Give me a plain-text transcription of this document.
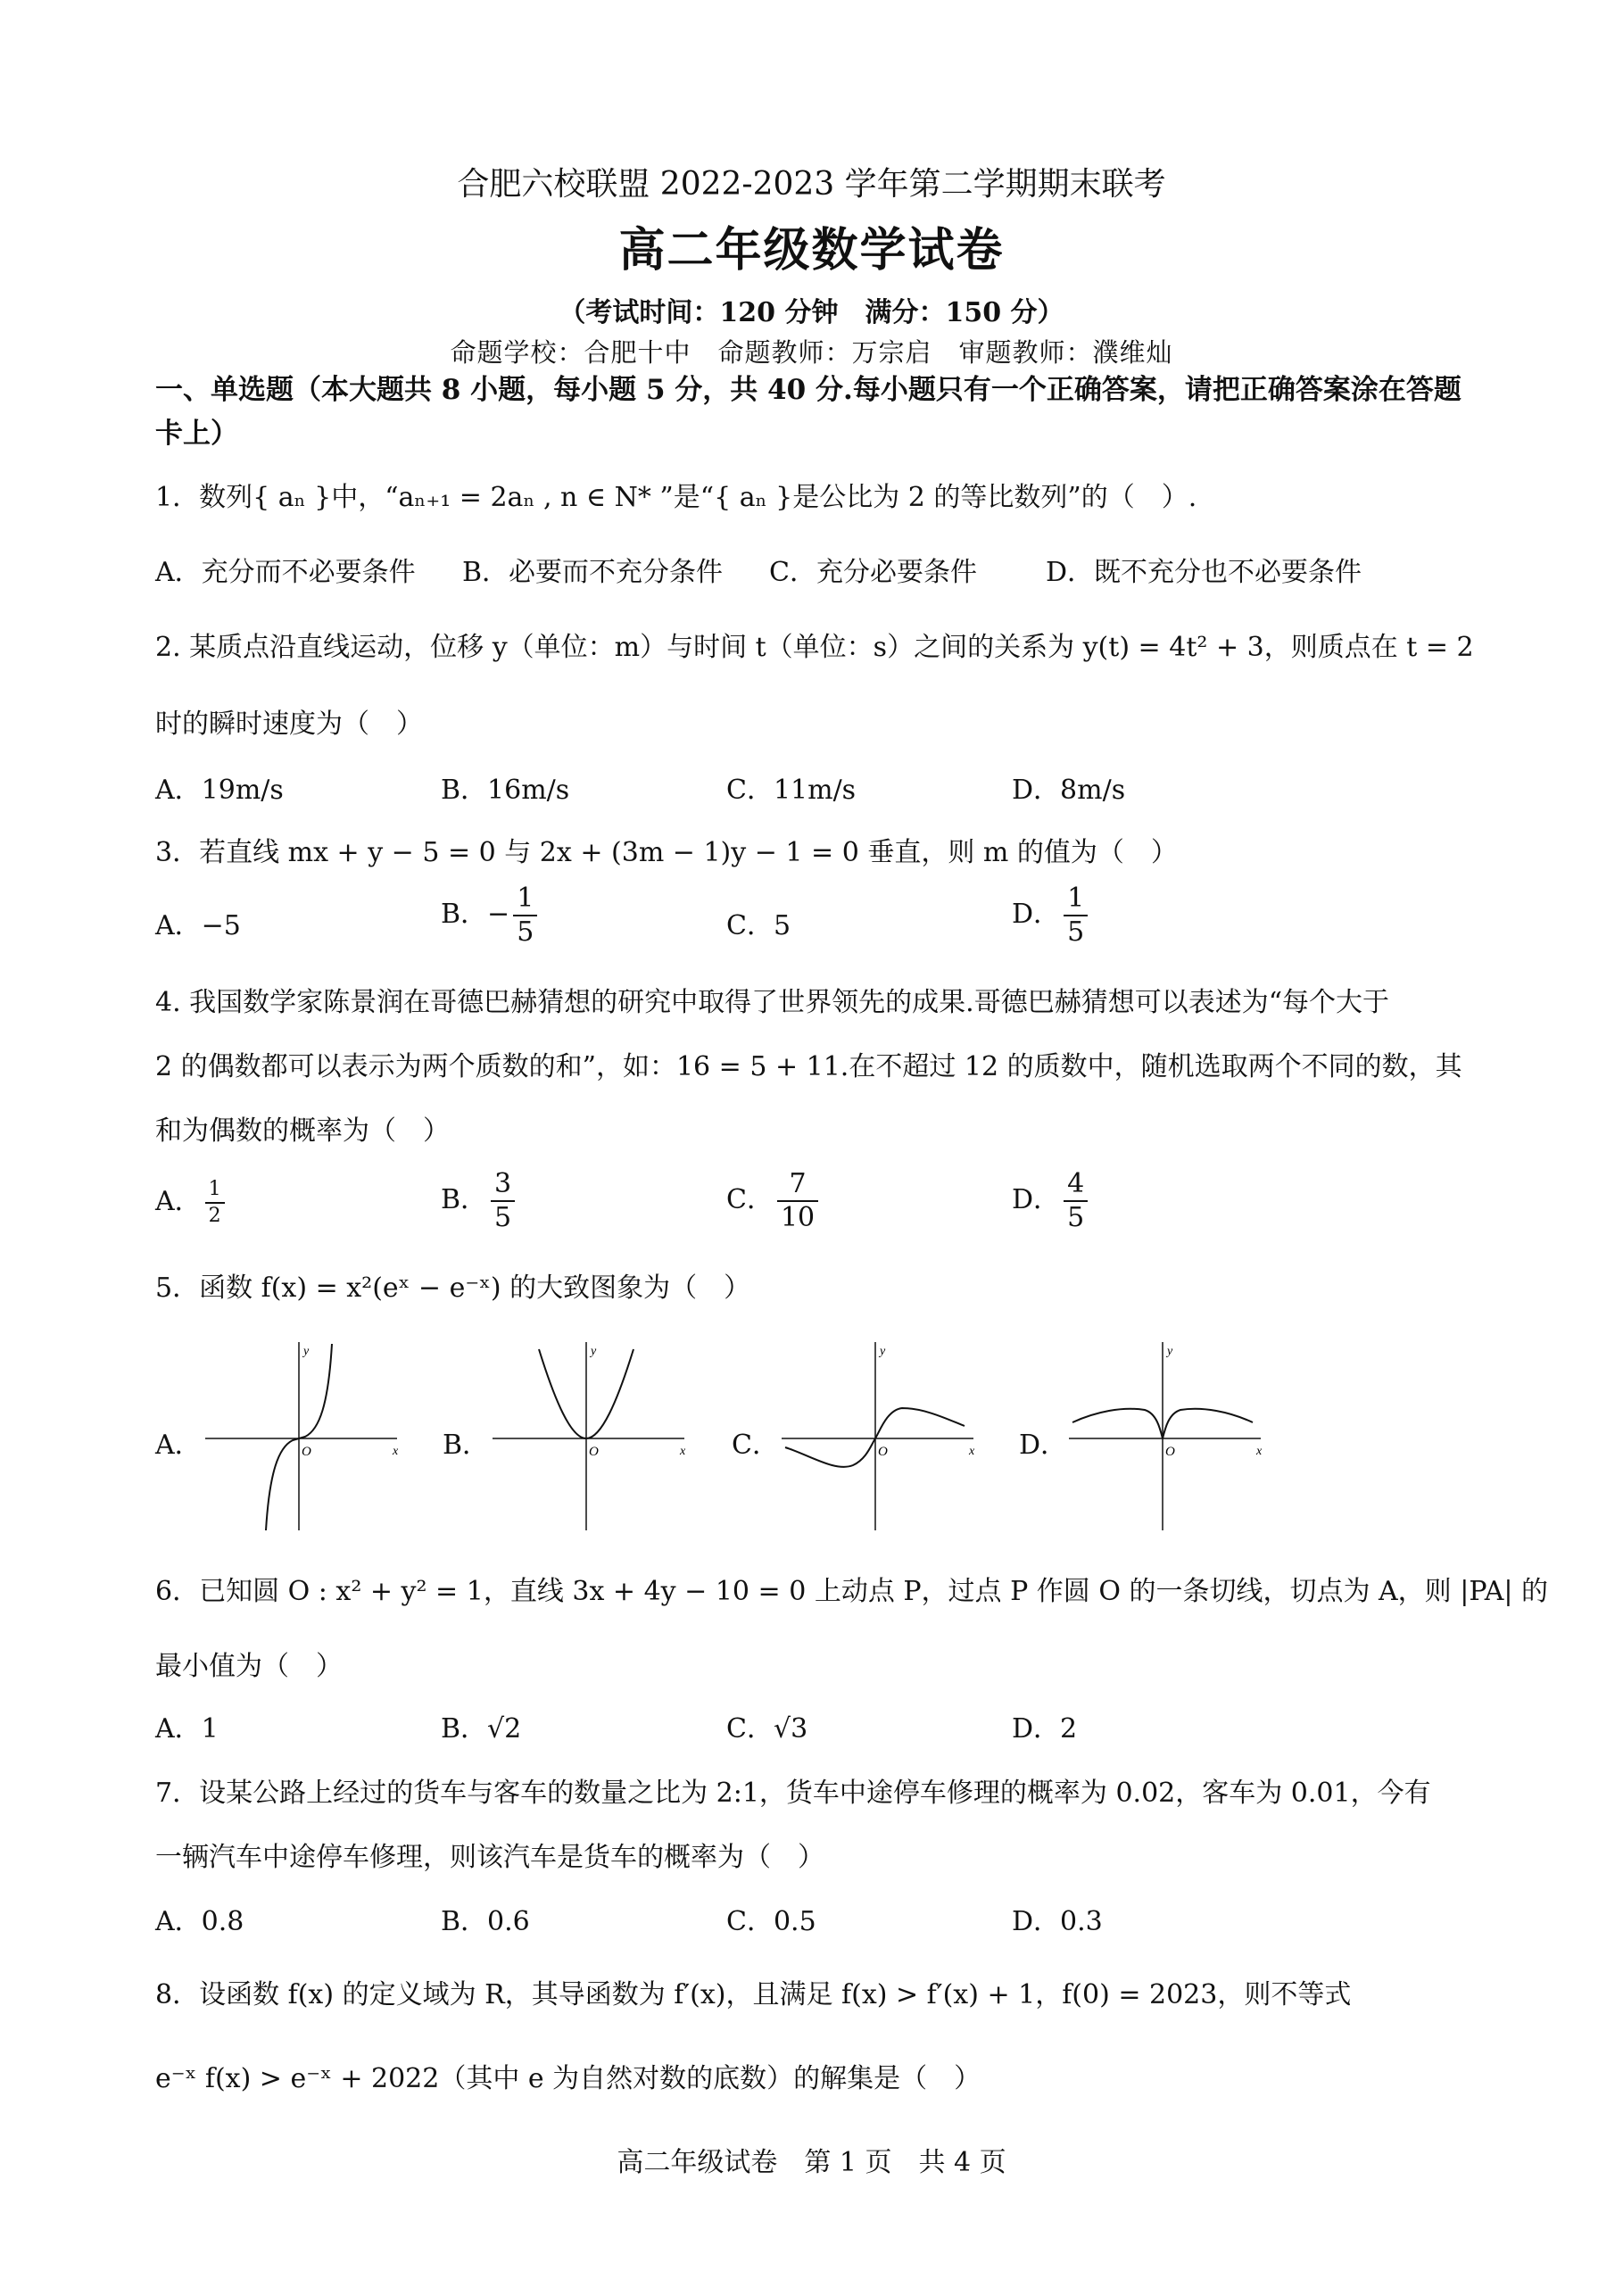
合肥六校联盟 2022-2023 学年第二学期期末联考
高二年级数学试卷
（考试时间：120 分钟　满分：150 分）
命题学校：合肥十中　命题教师：万宗启　审题教师：濮维灿
一、单选题（本大题共 8 小题，每小题 5 分，共 40 分.每小题只有一个正确答案，请把正确答案涂在答题
卡上）
1．数列{ aₙ }中，“aₙ₊₁ = 2aₙ , n ∈ N* ”是“{ aₙ }是公比为 2 的等比数列”的（　）.
A．充分而不必要条件 B．必要而不充分条件 C．充分必要条件	D．既不充分也不必要条件
2. 某质点沿直线运动，位移 y（单位：m）与时间 t（单位：s）之间的关系为 y(t) = 4t² + 3，则质点在 t = 2
时的瞬时速度为（　）
A．19m/s	B．16m/s	C．11m/s	D．8m/s
3．若直线 mx + y − 5 = 0 与 2x + (3m − 1)y − 1 = 0 垂直，则 m 的值为（　）
A．−5	B．− $\frac{1}{5}$	C．5	D． $\frac{1}{5}$
4. 我国数学家陈景润在哥德巴赫猜想的研究中取得了世界领先的成果.哥德巴赫猜想可以表述为“每个大于
2 的偶数都可以表示为两个质数的和”，如：16 = 5 + 11.在不超过 12 的质数中，随机选取两个不同的数，其
和为偶数的概率为（　）
A． $\frac{1}{2}$	B． $\frac{3}{5}$	C． $\frac{7}{10}$	D． $\frac{4}{5}$
5．函数 f(x) = x²(eˣ − e⁻ˣ) 的大致图象为（　）
A．
y
x
O	B．
y
x
O	C．
y
x
O	D．
y
x
O
6．已知圆 O : x² + y² = 1，直线 3x + 4y − 10 = 0 上动点 P，过点 P 作圆 O 的一条切线，切点为 A，则 |PA| 的
最小值为（　）
A．1	B．√2	C．√3	D．2
7．设某公路上经过的货车与客车的数量之比为 2:1，货车中途停车修理的概率为 0.02，客车为 0.01，今有
一辆汽车中途停车修理，则该汽车是货车的概率为（　）
A．0.8	B．0.6	C．0.5	D．0.3
8．设函数 f(x) 的定义域为 R，其导函数为 f′(x)，且满足 f(x) > f′(x) + 1，f(0) = 2023，则不等式
e⁻ˣ f(x) > e⁻ˣ + 2022（其中 e 为自然对数的底数）的解集是（　）
高二年级试卷　第 1 页　共 4 页
